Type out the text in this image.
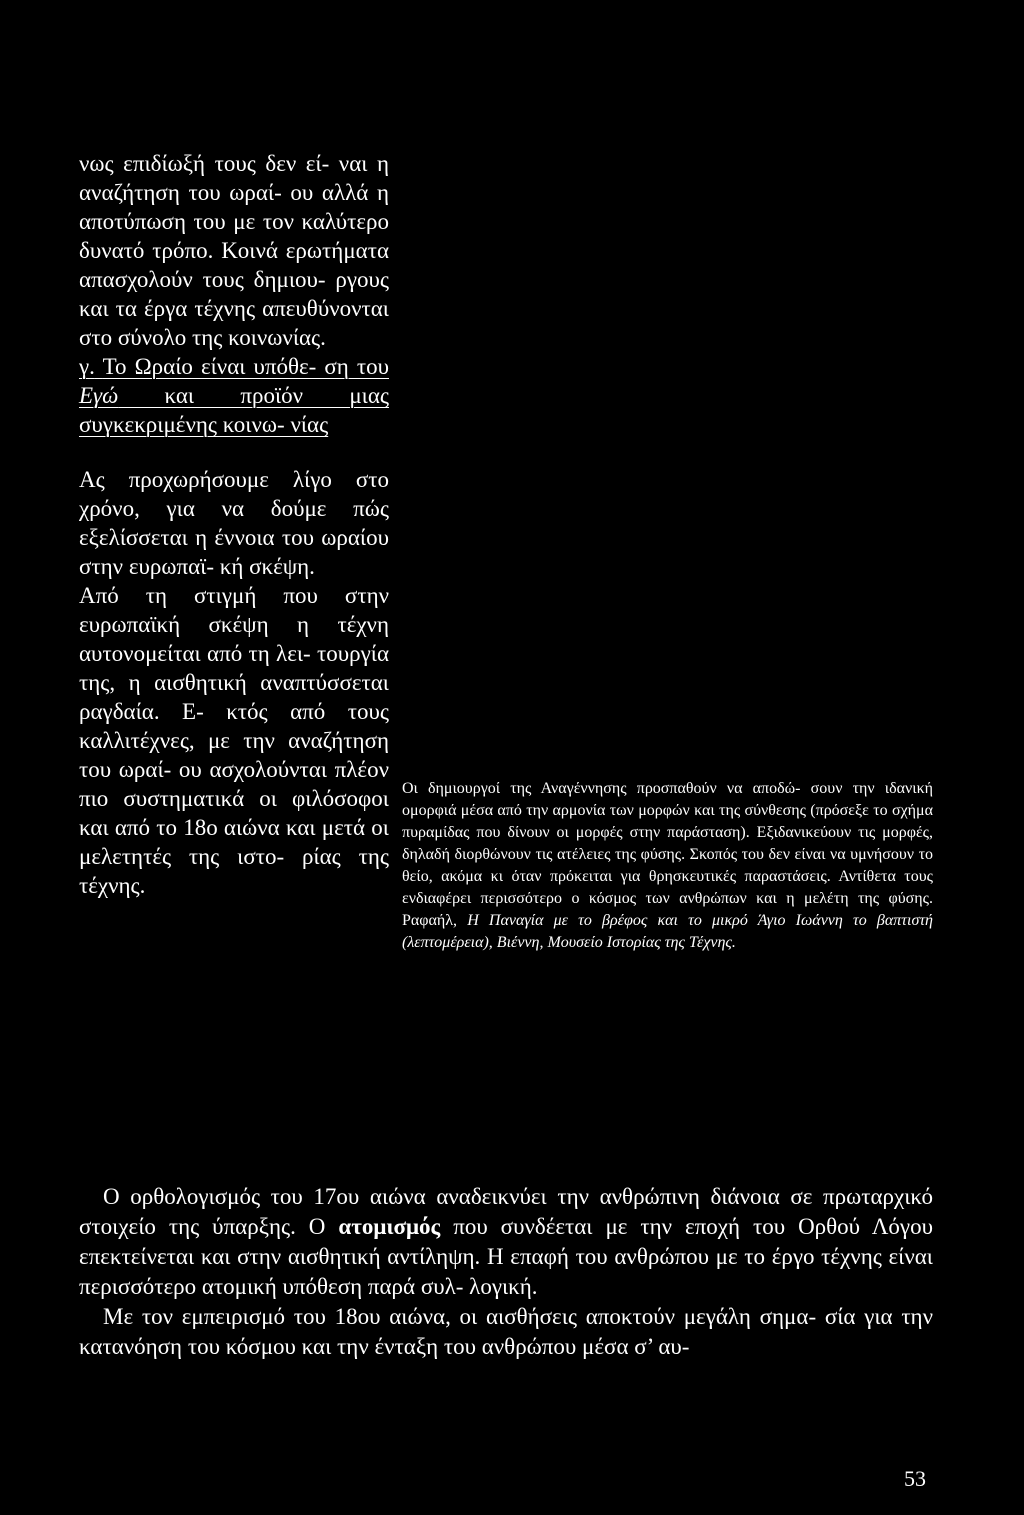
νως επιδίωξή τους δεν εί- ναι η αναζήτηση του ωραί- ου αλλά η αποτύπωση του με τον καλύτερο δυνατό τρόπο. Κοινά ερωτήματα απασχολούν τους δημιου- ργους και τα έργα τέχνης απευθύνονται στο σύνολο της κοινωνίας.

γ. Το Ωραίο είναι υπόθε- ση του Εγώ και προϊόν μιας συγκεκριμένης κοινω- νίας

Ας προχωρήσουμε λίγο στο χρόνο, για να δούμε πώς εξελίσσεται η έννοια του ωραίου στην ευρωπαϊ- κή σκέψη.

Από τη στιγμή που στην ευρωπαϊκή σκέψη η τέχνη αυτονομείται από τη λει- τουργία της, η αισθητική αναπτύσσεται ραγδαία. Ε- κτός από τους καλλιτέχνες, με την αναζήτηση του ωραί- ου ασχολούνται πλέον πιο συστηματικά οι φιλόσοφοι και από το 18ο αιώνα και μετά οι μελετητές της ιστο- ρίας της τέχνης.

Οι δημιουργοί της Αναγέννησης προσπαθούν να αποδώ- σουν την ιδανική ομορφιά μέσα από την αρμονία των μορφών και της σύνθεσης (πρόσεξε το σχήμα πυραμίδας που δίνουν οι μορφές στην παράσταση). Εξιδανικεύουν τις μορφές, δηλαδή διορθώνουν τις ατέλειες της φύσης. Σκοπός του δεν είναι να υμνήσουν το θείο, ακόμα κι όταν πρόκειται για θρησκευτικές παραστάσεις. Αντίθετα τους ενδιαφέρει περισσότερο ο κόσμος των ανθρώπων και η μελέτη της φύσης. Ραφαήλ, Η Παναγία με το βρέφος και το μικρό Άγιο Ιωάννη το βαπτιστή (λεπτομέρεια), Βιέννη, Μουσείο Ιστορίας της Τέχνης.

Ο ορθολογισμός του 17ου αιώνα αναδεικνύει την ανθρώπινη διάνοια σε πρωταρχικό στοιχείο της ύπαρξης. Ο ατομισμός που συνδέεται με την εποχή του Ορθού Λόγου επεκτείνεται και στην αισθητική αντίληψη. Η επαφή του ανθρώπου με το έργο τέχνης είναι περισσότερο ατομική υπόθεση παρά συλ- λογική.

Με τον εμπειρισμό του 18ου αιώνα, οι αισθήσεις αποκτούν μεγάλη σημα- σία για την κατανόηση του κόσμου και την ένταξη του ανθρώπου μέσα σ’ αυ-

53
